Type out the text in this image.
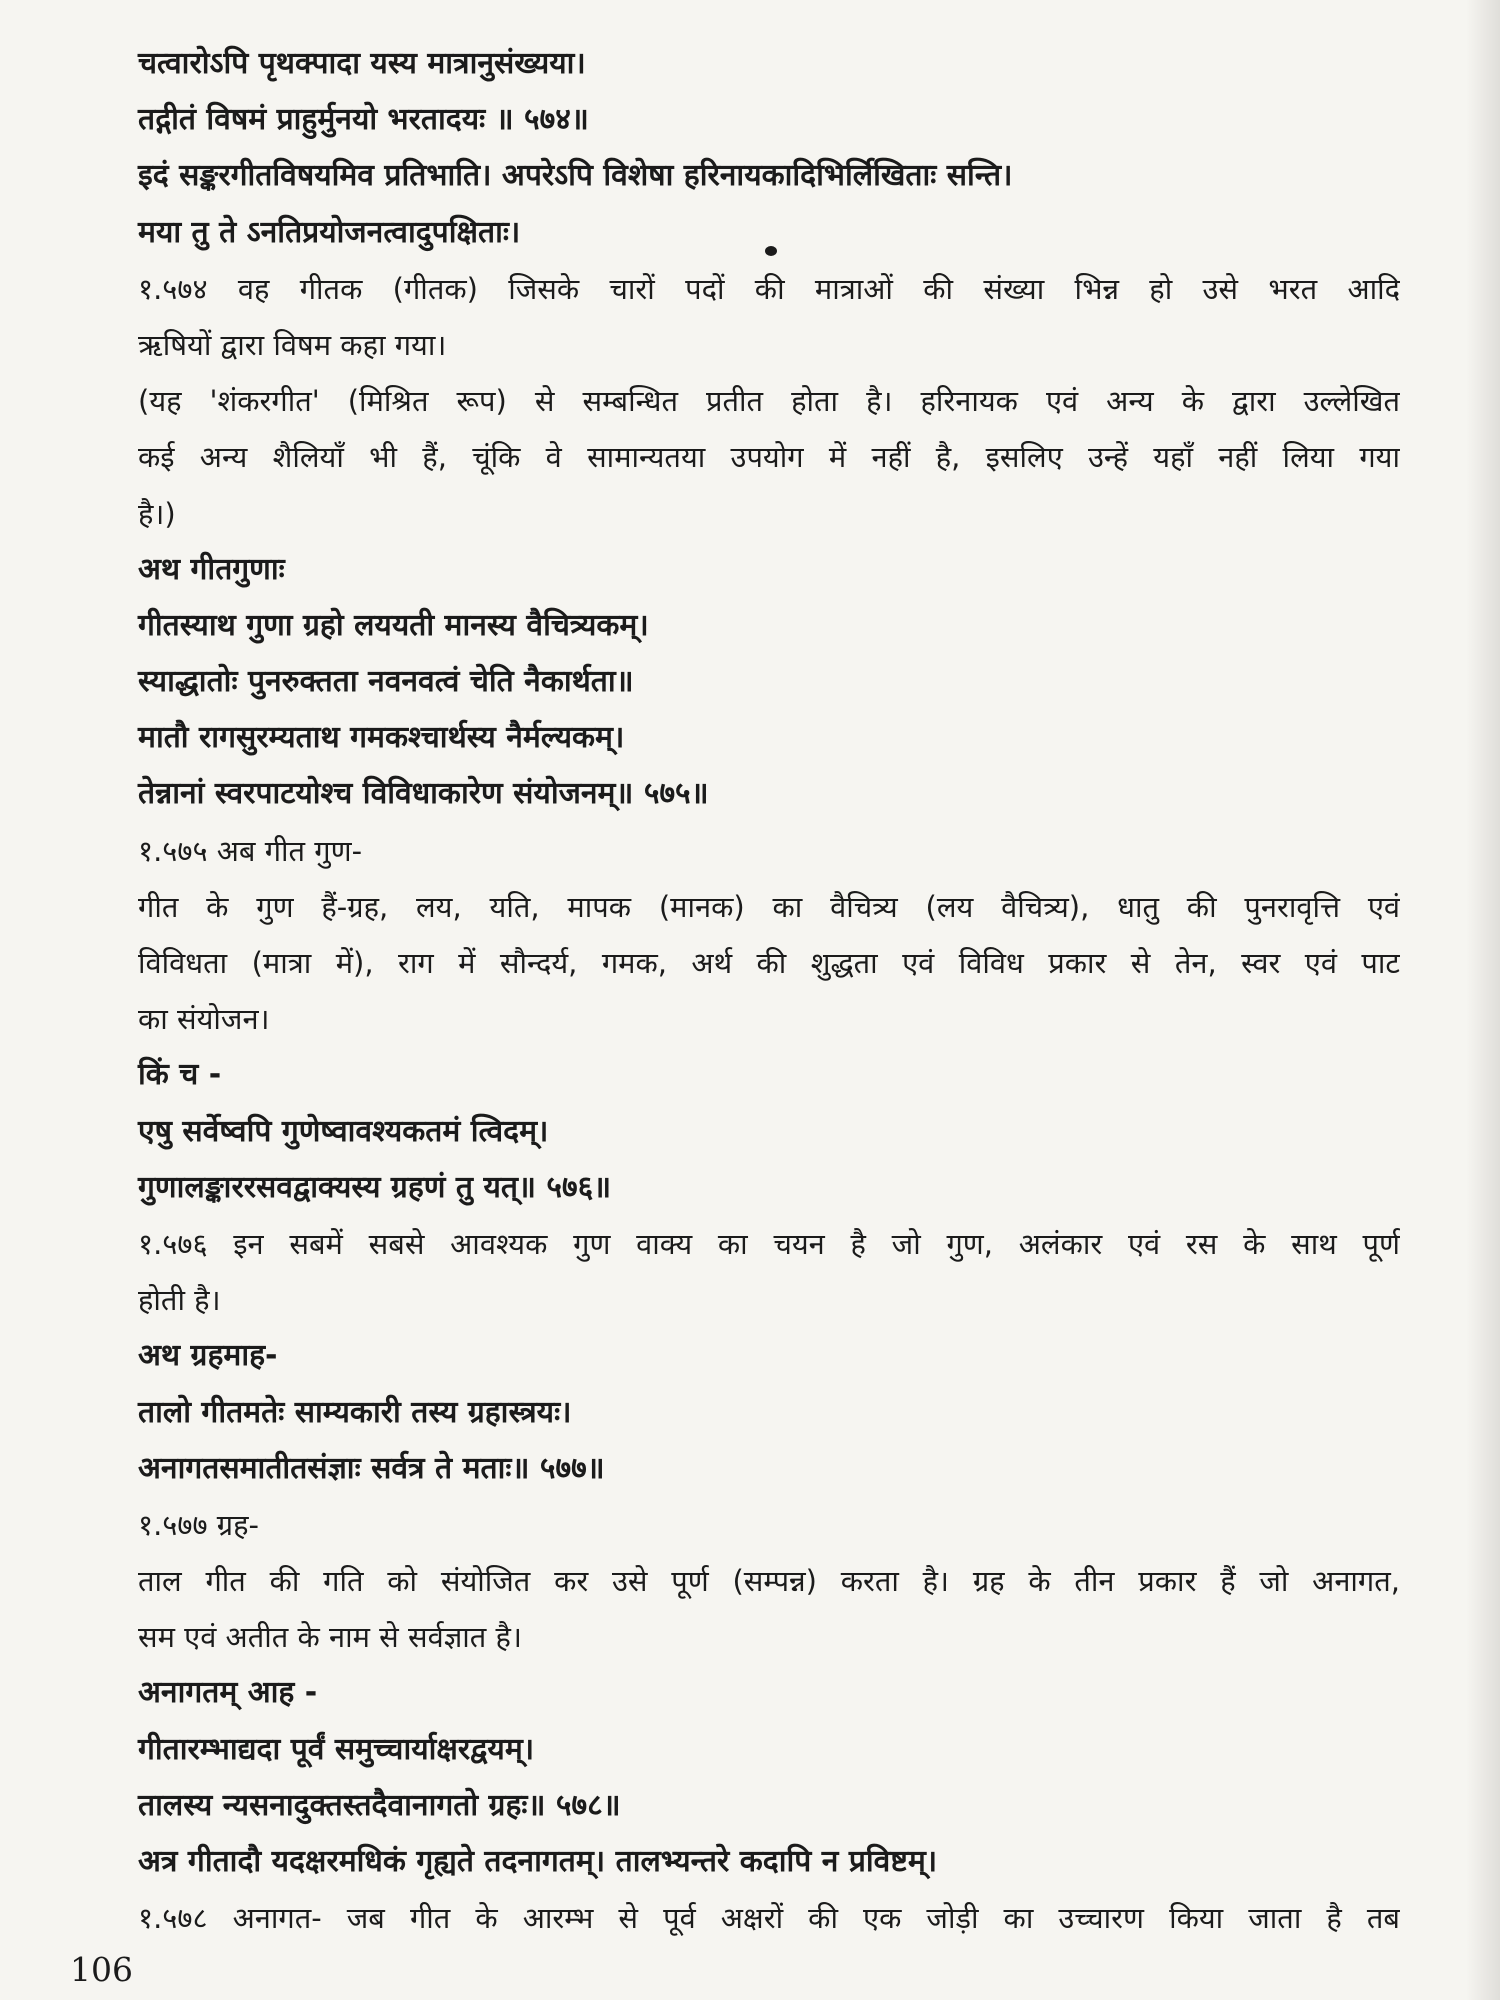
चत्वारोऽपि पृथक्पादा यस्य मात्रानुसंख्यया।
तद्गीतं विषमं प्राहुर्मुनयो भरतादयः ॥ ५७४॥
इदं सङ्करगीतविषयमिव प्रतिभाति। अपरेऽपि विशेषा हरिनायकादिभिर्लिखिताः सन्ति।
मया तु ते ऽनतिप्रयोजनत्वादुपक्षिताः।
१.५७४ वह गीतक (गीतक) जिसके चारों पदों की मात्राओं की संख्या भिन्न हो उसे भरत आदि
ऋषियों द्वारा विषम कहा गया।
(यह 'शंकरगीत' (मिश्रित रूप) से सम्बन्धित प्रतीत होता है। हरिनायक एवं अन्य के द्वारा उल्लेखित
कई अन्य शैलियाँ भी हैं, चूंकि वे सामान्यतया उपयोग में नहीं है, इसलिए उन्हें यहाँ नहीं लिया गया
है।)
अथ गीतगुणाः
गीतस्याथ गुणा ग्रहो लययती मानस्य वैचित्र्यकम्।
स्याद्धातोः पुनरुक्तता नवनवत्वं चेति नैकार्थता॥
मातौ रागसुरम्यताथ गमकश्चार्थस्य नैर्मल्यकम्।
तेन्नानां स्वरपाटयोश्च विविधाकारेण संयोजनम्॥ ५७५॥
१.५७५ अब गीत गुण-
गीत के गुण हैं-ग्रह, लय, यति, मापक (मानक) का वैचित्र्य (लय वैचित्र्य), धातु की पुनरावृत्ति एवं
विविधता (मात्रा में), राग में सौन्दर्य, गमक, अर्थ की शुद्धता एवं विविध प्रकार से तेन, स्वर एवं पाट
का संयोजन।
किं च -
एषु सर्वेष्वपि गुणेष्वावश्यकतमं त्विदम्।
गुणालङ्काररसवद्वाक्यस्य ग्रहणं तु यत्॥ ५७६॥
१.५७६ इन सबमें सबसे आवश्यक गुण वाक्य का चयन है जो गुण, अलंकार एवं रस के साथ पूर्ण
होती है।
अथ ग्रहमाह-
तालो गीतमतेः साम्यकारी तस्य ग्रहास्त्रयः।
अनागतसमातीतसंज्ञाः सर्वत्र ते मताः॥ ५७७॥
१.५७७ ग्रह-
ताल गीत की गति को संयोजित कर उसे पूर्ण (सम्पन्न) करता है। ग्रह के तीन प्रकार हैं जो अनागत,
सम एवं अतीत के नाम से सर्वज्ञात है।
अनागतम् आह -
गीतारम्भाद्यदा पूर्वं समुच्चार्याक्षरद्वयम्।
तालस्य न्यसनादुक्तस्तदैवानागतो ग्रहः॥ ५७८॥
अत्र गीतादौ यदक्षरमधिकं गृह्यते तदनागतम्। तालभ्यन्तरे कदापि न प्रविष्टम्।
१.५७८ अनागत- जब गीत के आरम्भ से पूर्व अक्षरों की एक जोड़ी का उच्चारण किया जाता है तब
106
